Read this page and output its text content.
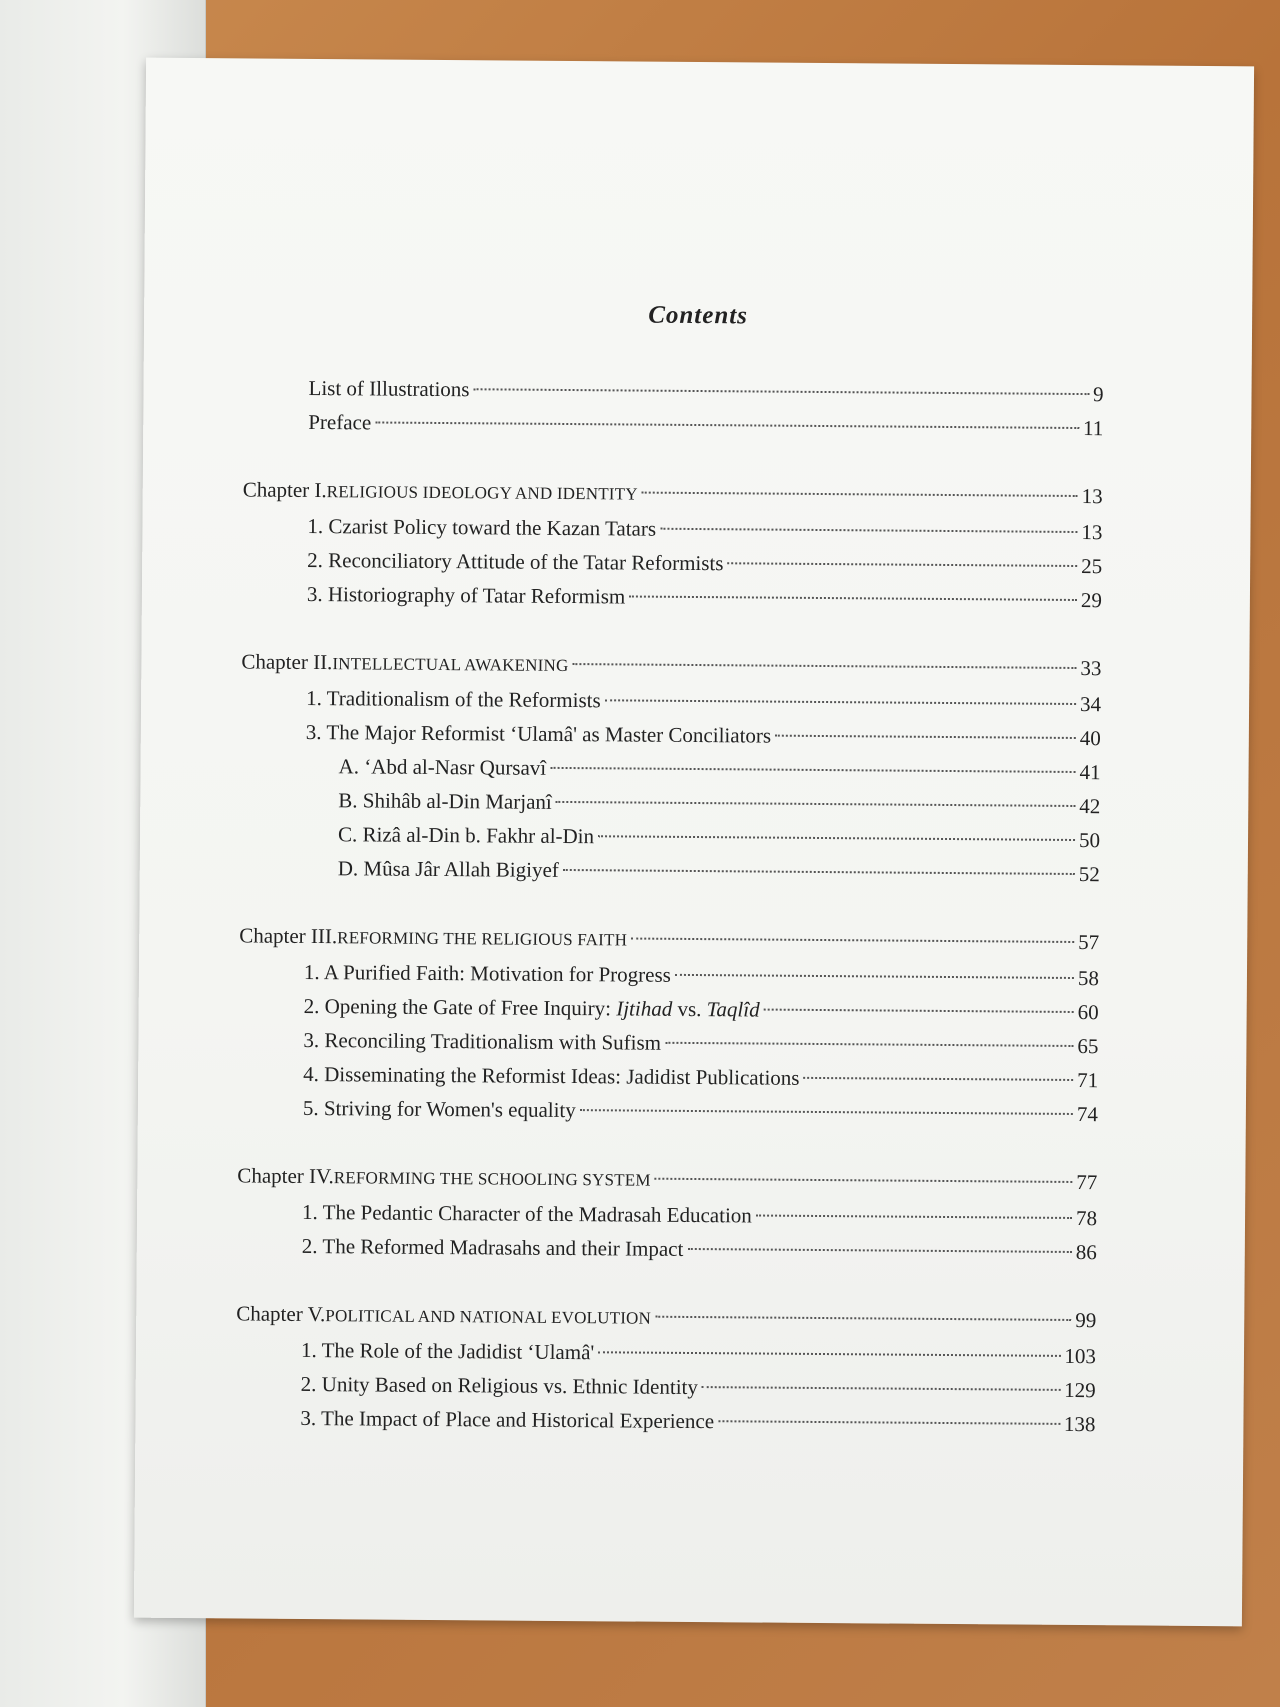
Contents
List of Illustrations	9
Preface	11
Chapter I. RELIGIOUS IDEOLOGY AND IDENTITY	13
1. Czarist Policy toward the Kazan Tatars	13
2. Reconciliatory Attitude of the Tatar Reformists	25
3. Historiography of Tatar Reformism	29
Chapter II. INTELLECTUAL AWAKENING	33
1. Traditionalism of the Reformists	34
3. The Major Reformist ‘Ulamâ' as Master Conciliators	40
A. ‘Abd al-Nasr Qursavî	41
B. Shihâb al-Din Marjanî	42
C. Rizâ al-Din b. Fakhr al-Din	50
D. Mûsa Jâr Allah Bigiyef	52
Chapter III. REFORMING THE RELIGIOUS FAITH	57
1. A Purified Faith: Motivation for Progress	58
2. Opening the Gate of Free Inquiry: Ijtihad vs. Taqlîd	60
3. Reconciling Traditionalism with Sufism	65
4. Disseminating the Reformist Ideas: Jadidist Publications	71
5. Striving for Women's equality	74
Chapter IV. REFORMING THE SCHOOLING SYSTEM	77
1. The Pedantic Character of the Madrasah Education	78
2. The Reformed Madrasahs and their Impact	86
Chapter V. POLITICAL AND NATIONAL EVOLUTION	99
1. The Role of the Jadidist ‘Ulamâ'	103
2. Unity Based on Religious vs. Ethnic Identity	129
3. The Impact of Place and Historical Experience	138
